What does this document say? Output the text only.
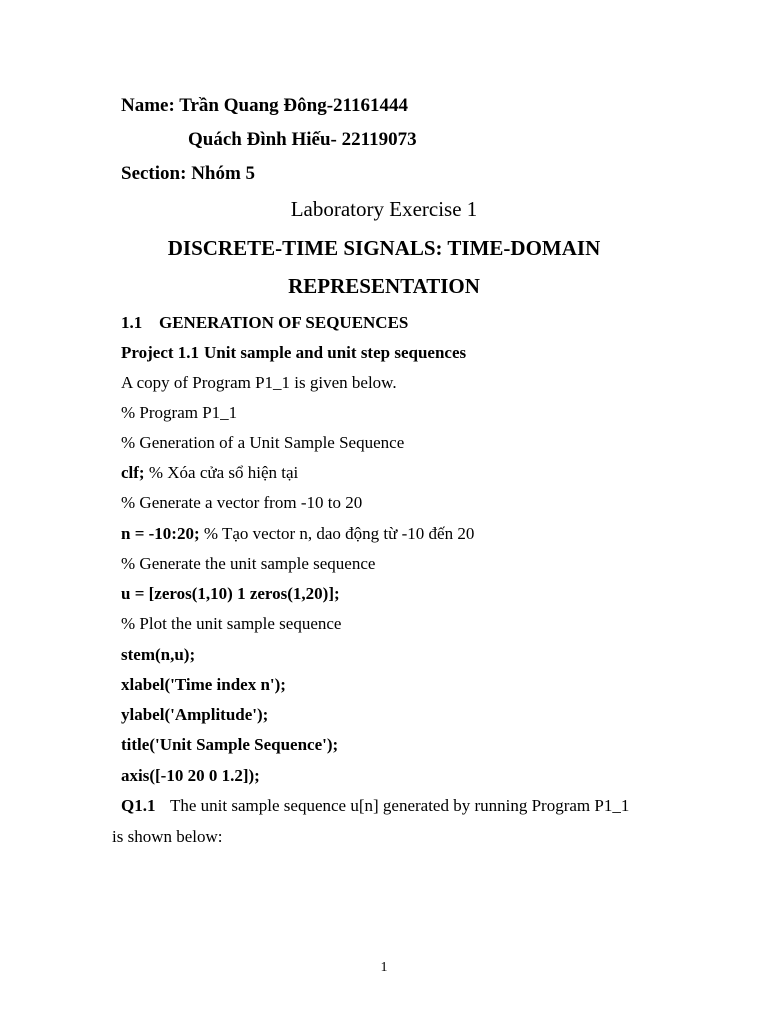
Name: Trần Quang Đông-21161444
Quách Đình Hiếu- 22119073
Section: Nhóm 5
Laboratory Exercise 1
DISCRETE-TIME SIGNALS: TIME-DOMAIN
REPRESENTATION
1.1 GENERATION OF SEQUENCES
Project 1.1 Unit sample and unit step sequences
A copy of Program P1_1 is given below.
% Program P1_1
% Generation of a Unit Sample Sequence
clf; % Xóa cửa sổ hiện tại
% Generate a vector from -10 to 20
n = -10:20; % Tạo vector n, dao động từ -10 đến 20
% Generate the unit sample sequence
u = [zeros(1,10) 1 zeros(1,20)];
% Plot the unit sample sequence
stem(n,u);
xlabel('Time index n');
ylabel('Amplitude');
title('Unit Sample Sequence');
axis([-10 20 0 1.2]);
Q1.1 The unit sample sequence u[n] generated by running Program P1_1
is shown below:
1
